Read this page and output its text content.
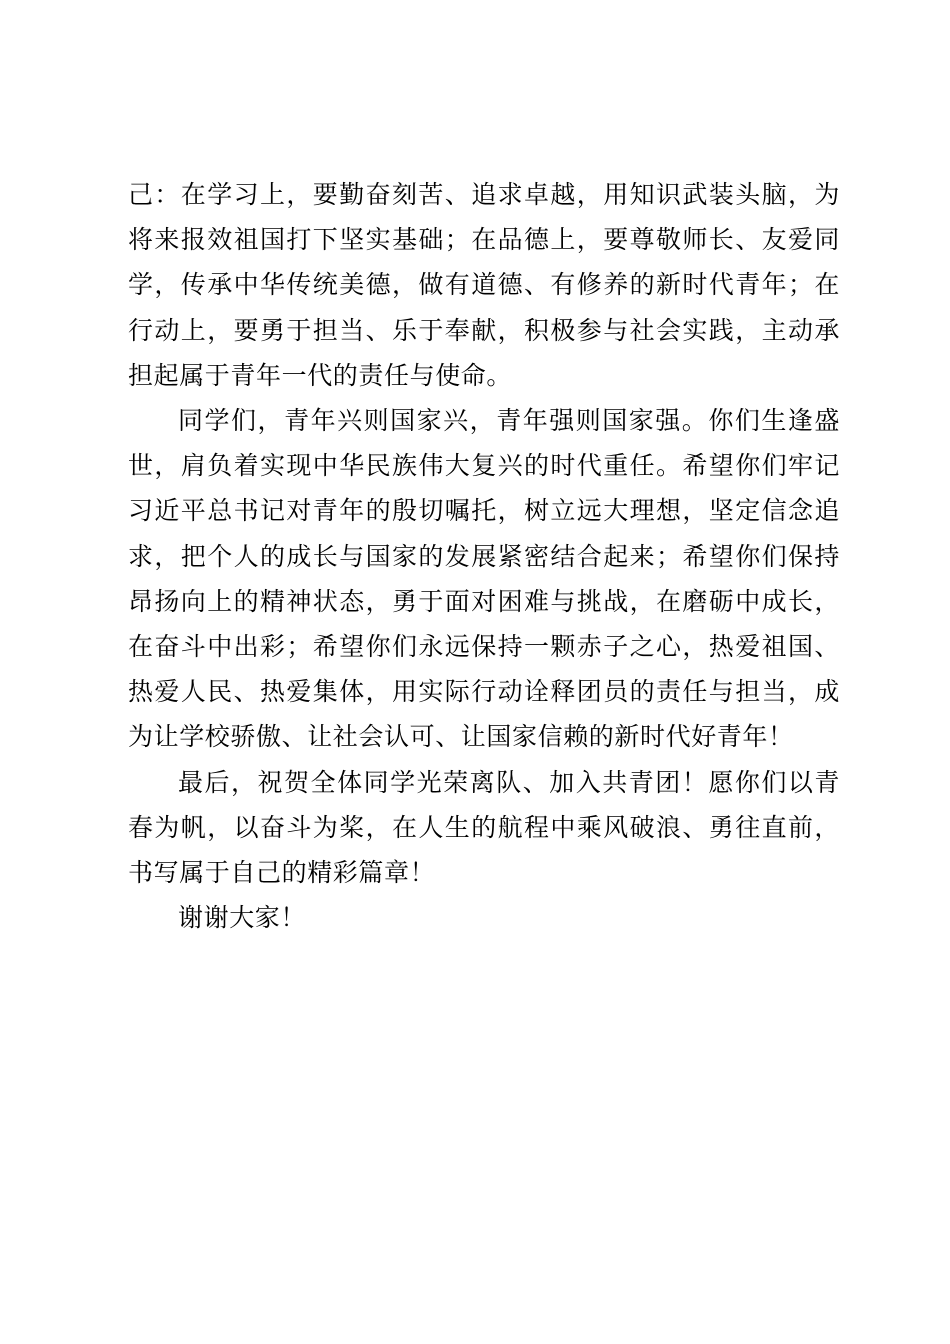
己：在学习上，要勤奋刻苦、追求卓越，用知识武装头脑，为将来报效祖国打下坚实基础；在品德上，要尊敬师长、友爱同学，传承中华传统美德，做有道德、有修养的新时代青年；在行动上，要勇于担当、乐于奉献，积极参与社会实践，主动承担起属于青年一代的责任与使命。

同学们，青年兴则国家兴，青年强则国家强。你们生逢盛世，肩负着实现中华民族伟大复兴的时代重任。希望你们牢记习近平总书记对青年的殷切嘱托，树立远大理想，坚定信念追求，把个人的成长与国家的发展紧密结合起来；希望你们保持昂扬向上的精神状态，勇于面对困难与挑战，在磨砺中成长，在奋斗中出彩；希望你们永远保持一颗赤子之心，热爱祖国、热爱人民、热爱集体，用实际行动诠释团员的责任与担当，成为让学校骄傲、让社会认可、让国家信赖的新时代好青年！

最后，祝贺全体同学光荣离队、加入共青团！愿你们以青春为帆，以奋斗为桨，在人生的航程中乘风破浪、勇往直前，书写属于自己的精彩篇章！

谢谢大家！
